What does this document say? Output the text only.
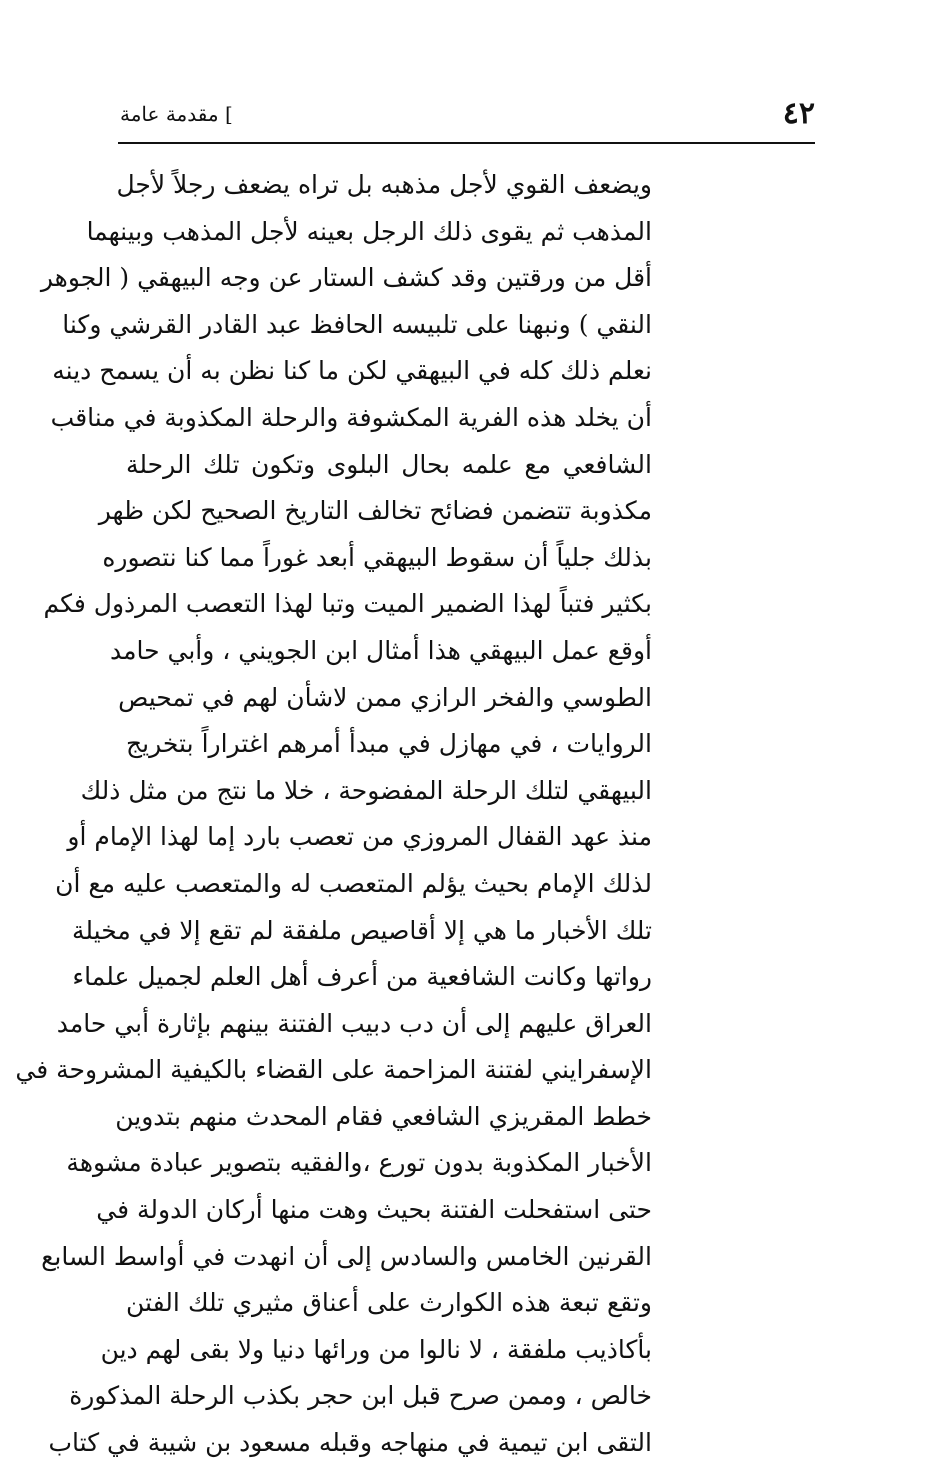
٤٢
] مقدمة عامة
ويضعف القوي لأجل مذهبه بل تراه يضعف رجلاً لأجل
المذهب ثم يقوى ذلك الرجل بعينه لأجل المذهب وبينهما
أقل من ورقتين وقد كشف الستار عن وجه البيهقي ( الجوهر
النقي ) ونبهنا على تلبيسه الحافظ عبد القادر القرشي وكنا
نعلم ذلك كله في البيهقي لكن ما كنا نظن به أن يسمح دينه
أن يخلد هذه الفرية المكشوفة والرحلة المكذوبة في مناقب
الشافعي مع علمه بحال البلوى وتكون تلك الرحلة
مكذوبة تتضمن فضائح تخالف التاريخ الصحيح لكن ظهر
بذلك جلياً أن سقوط البيهقي أبعد غوراً مما كنا نتصوره
بكثير فتباً لهذا الضمير الميت وتبا لهذا التعصب المرذول فكم
أوقع عمل البيهقي هذا أمثال ابن الجويني ، وأبي حامد
الطوسي والفخر الرازي ممن لاشأن لهم في تمحيص
الروايات ، في مهازل في مبدأ أمرهم اغتراراً بتخريج
البيهقي لتلك الرحلة المفضوحة ، خلا ما نتج من مثل ذلك
منذ عهد القفال المروزي من تعصب بارد إما لهذا الإمام أو
لذلك الإمام بحيث يؤلم المتعصب له والمتعصب عليه مع أن
تلك الأخبار ما هي إلا أقاصيص ملفقة لم تقع إلا في مخيلة
رواتها وكانت الشافعية من أعرف أهل العلم لجميل علماء
العراق عليهم إلى أن دب دبيب الفتنة بينهم بإثارة أبي حامد
الإسفرايني لفتنة المزاحمة على القضاء بالكيفية المشروحة في
خطط المقريزي الشافعي فقام المحدث منهم بتدوين
الأخبار المكذوبة بدون تورع ،والفقيه بتصوير عبادة مشوهة
حتى استفحلت الفتنة بحيث وهت منها أركان الدولة في
القرنين الخامس والسادس إلى أن انهدت في أواسط السابع
وتقع تبعة هذه الكوارث على أعناق مثيري تلك الفتن
بأكاذيب ملفقة ، لا نالوا من ورائها دنيا ولا بقى لهم دين
خالص ، وممن صرح قبل ابن حجر بكذب الرحلة المذكورة
التقى ابن تيمية في منهاجه وقبله مسعود بن شيبة في كتاب
